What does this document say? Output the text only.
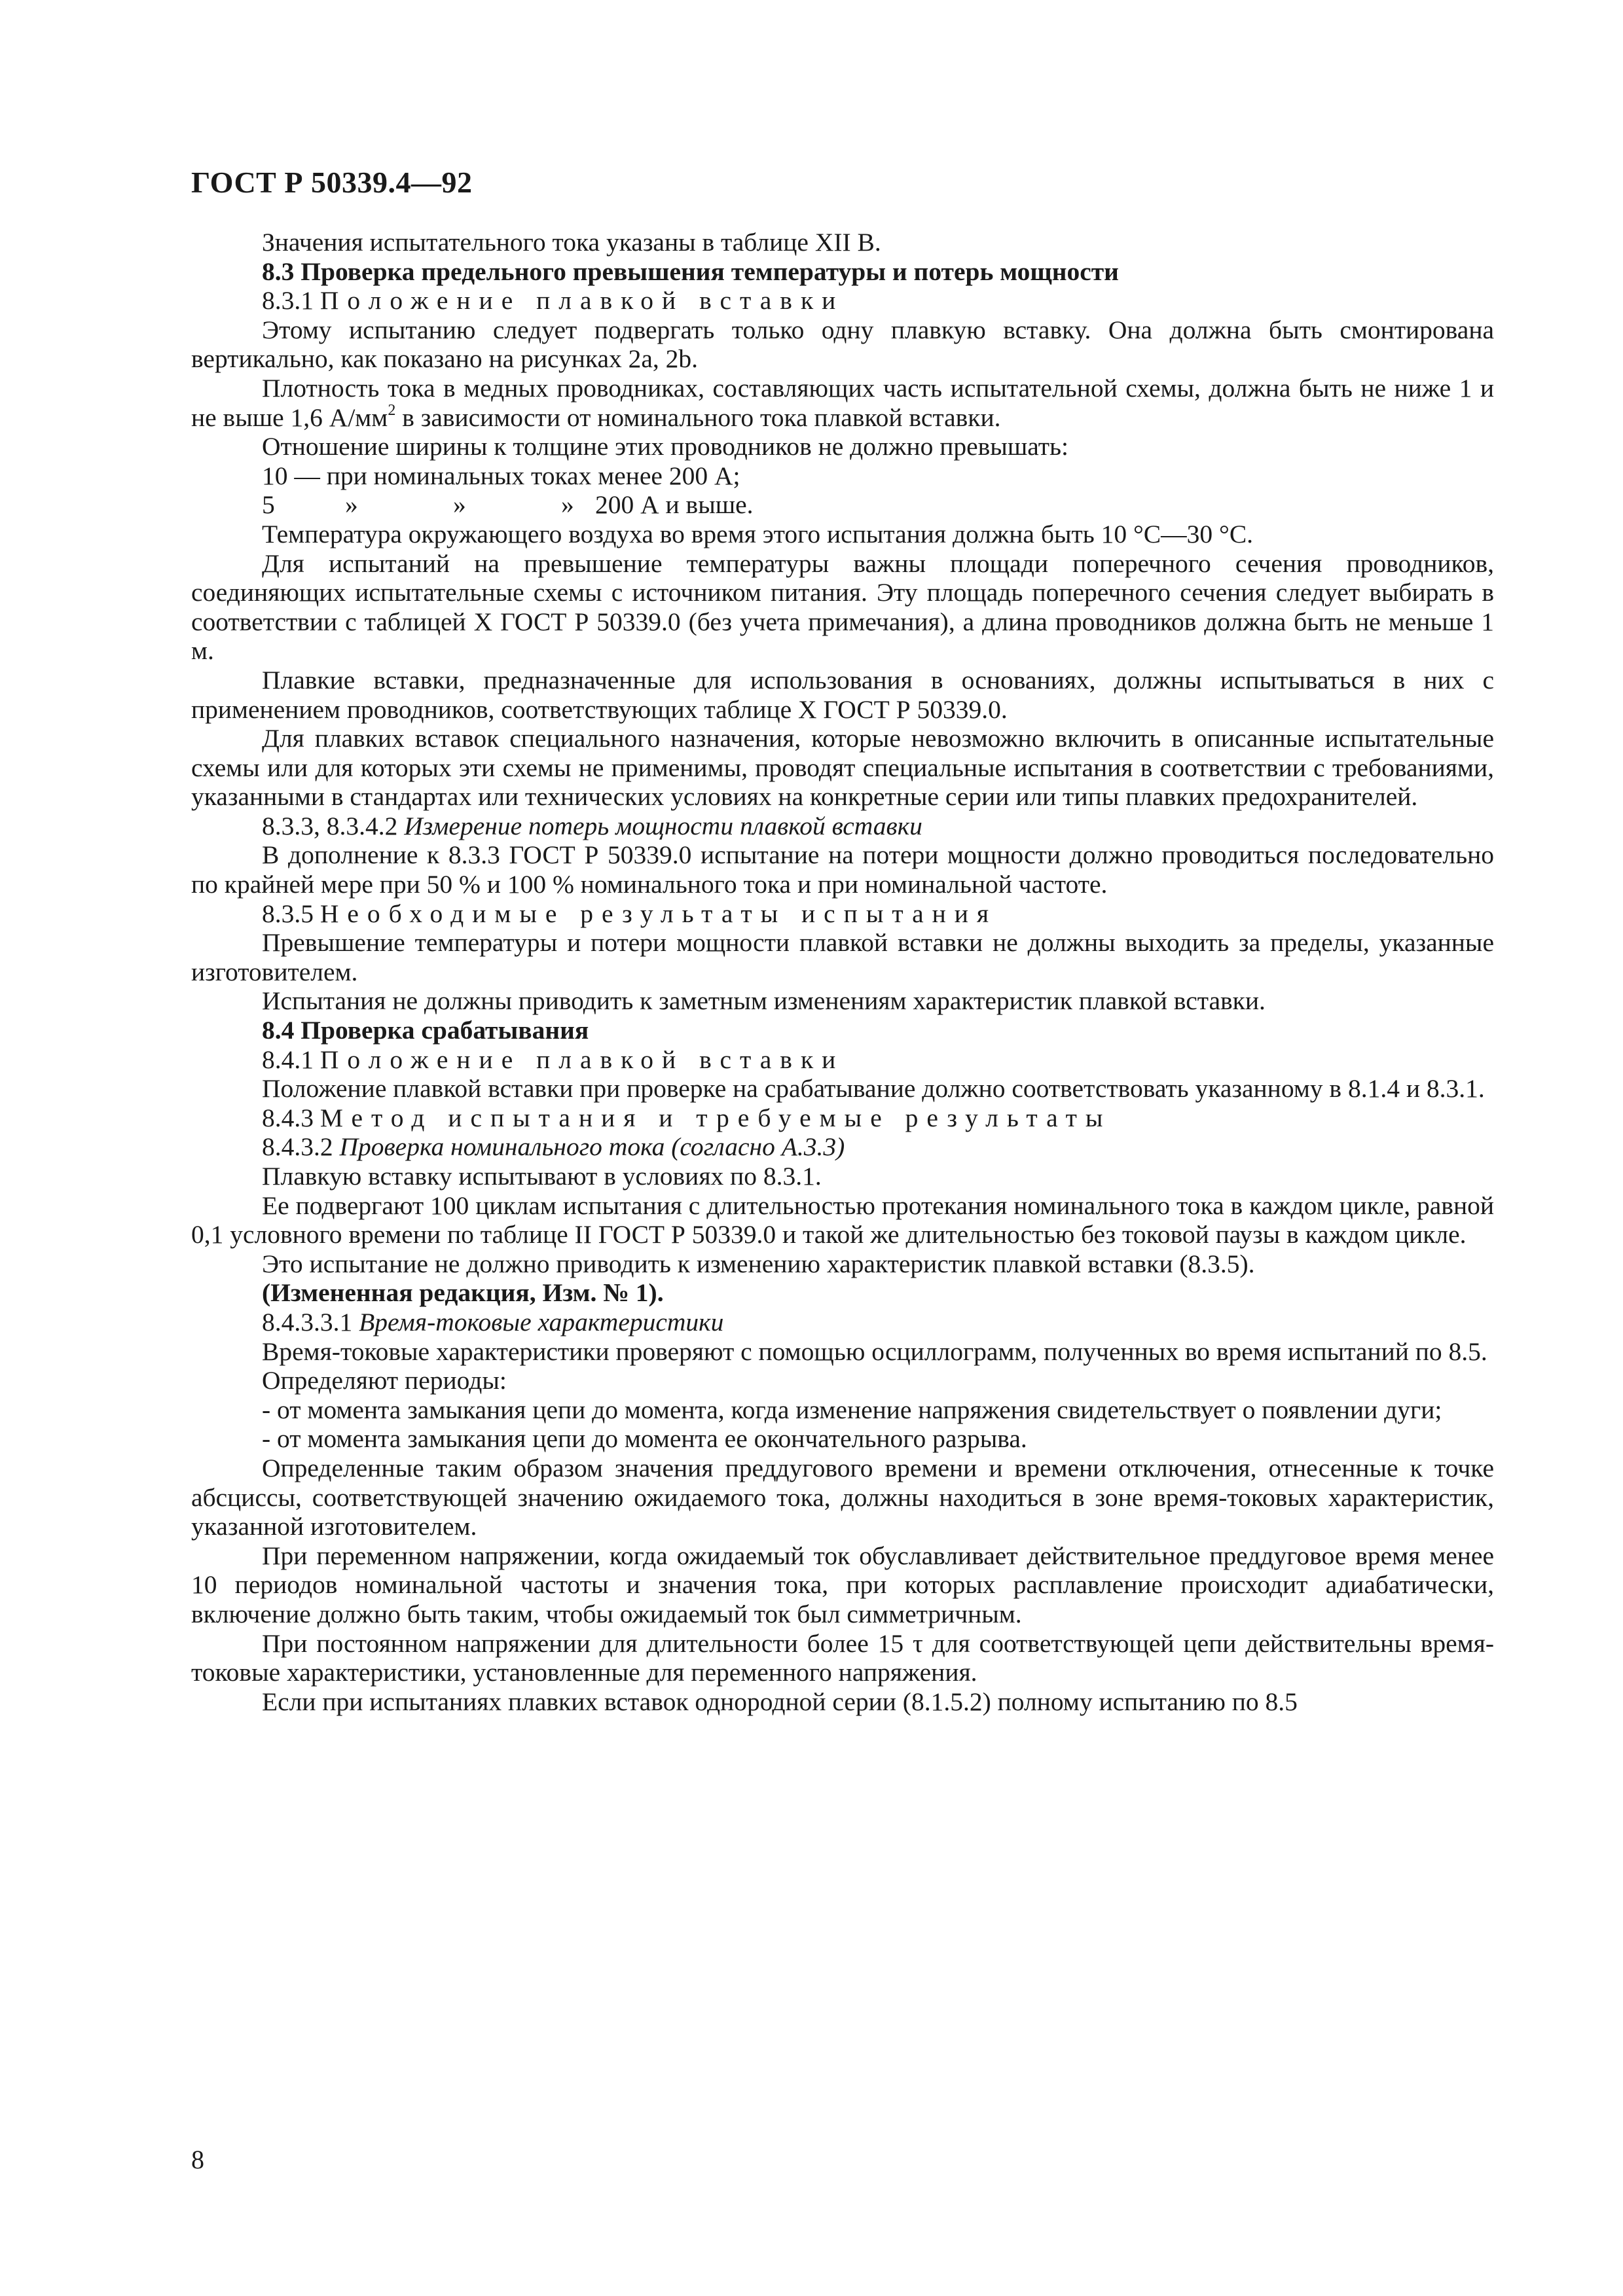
ГОСТ Р 50339.4—92

Значения испытательного тока указаны в таблице XII B.

8.3 Проверка предельного превышения температуры и потерь мощности

8.3.1 Положение плавкой вставки

Этому испытанию следует подвергать только одну плавкую вставку. Она должна быть смонтирована вертикально, как показано на рисунках 2а, 2b.

Плотность тока в медных проводниках, составляющих часть испытательной схемы, должна быть не ниже 1 и не выше 1,6 $А/мм^2$ в зависимости от номинального тока плавкой вставки.

Отношение ширины к толщине этих проводников не должно превышать:

10 — при номинальных токах менее 200 А;

5	»	»	» 200 А и выше.

Температура окружающего воздуха во время этого испытания должна быть 10 °С—30 °С.

Для испытаний на превышение температуры важны площади поперечного сечения проводников, соединяющих испытательные схемы с источником питания. Эту площадь поперечного сечения следует выбирать в соответствии с таблицей X ГОСТ Р 50339.0 (без учета примечания), а длина проводников должна быть не меньше 1 м.

Плавкие вставки, предназначенные для использования в основаниях, должны испытываться в них с применением проводников, соответствующих таблице X ГОСТ Р 50339.0.

Для плавких вставок специального назначения, которые невозможно включить в описанные испытательные схемы или для которых эти схемы не применимы, проводят специальные испытания в соответствии с требованиями, указанными в стандартах или технических условиях на конкретные серии или типы плавких предохранителей.

8.3.3, 8.3.4.2 Измерение потерь мощности плавкой вставки

В дополнение к 8.3.3 ГОСТ Р 50339.0 испытание на потери мощности должно проводиться последовательно по крайней мере при 50 % и 100 % номинального тока и при номинальной частоте.

8.3.5 Необходимые результаты испытания

Превышение температуры и потери мощности плавкой вставки не должны выходить за пределы, указанные изготовителем.

Испытания не должны приводить к заметным изменениям характеристик плавкой вставки.

8.4 Проверка срабатывания

8.4.1 Положение плавкой вставки

Положение плавкой вставки при проверке на срабатывание должно соответствовать указанному в 8.1.4 и 8.3.1.

8.4.3 Метод испытания и требуемые результаты

8.4.3.2 Проверка номинального тока (согласно А.3.3)

Плавкую вставку испытывают в условиях по 8.3.1.

Ее подвергают 100 циклам испытания с длительностью протекания номинального тока в каждом цикле, равной 0,1 условного времени по таблице II ГОСТ Р 50339.0 и такой же длительностью без токовой паузы в каждом цикле.

Это испытание не должно приводить к изменению характеристик плавкой вставки (8.3.5).

(Измененная редакция, Изм. № 1).

8.4.3.3.1 Время-токовые характеристики

Время-токовые характеристики проверяют с помощью осциллограмм, полученных во время испытаний по 8.5.

Определяют периоды:

- от момента замыкания цепи до момента, когда изменение напряжения свидетельствует о появлении дуги;

- от момента замыкания цепи до момента ее окончательного разрыва.

Определенные таким образом значения преддугового времени и времени отключения, отнесенные к точке абсциссы, соответствующей значению ожидаемого тока, должны находиться в зоне время-токовых характеристик, указанной изготовителем.

При переменном напряжении, когда ожидаемый ток обуславливает действительное преддуговое время менее 10 периодов номинальной частоты и значения тока, при которых расплавление происходит адиабатически, включение должно быть таким, чтобы ожидаемый ток был симметричным.

При постоянном напряжении для длительности более 15 τ для соответствующей цепи действительны время-токовые характеристики, установленные для переменного напряжения.

Если при испытаниях плавких вставок однородной серии (8.1.5.2) полному испытанию по 8.5

8
